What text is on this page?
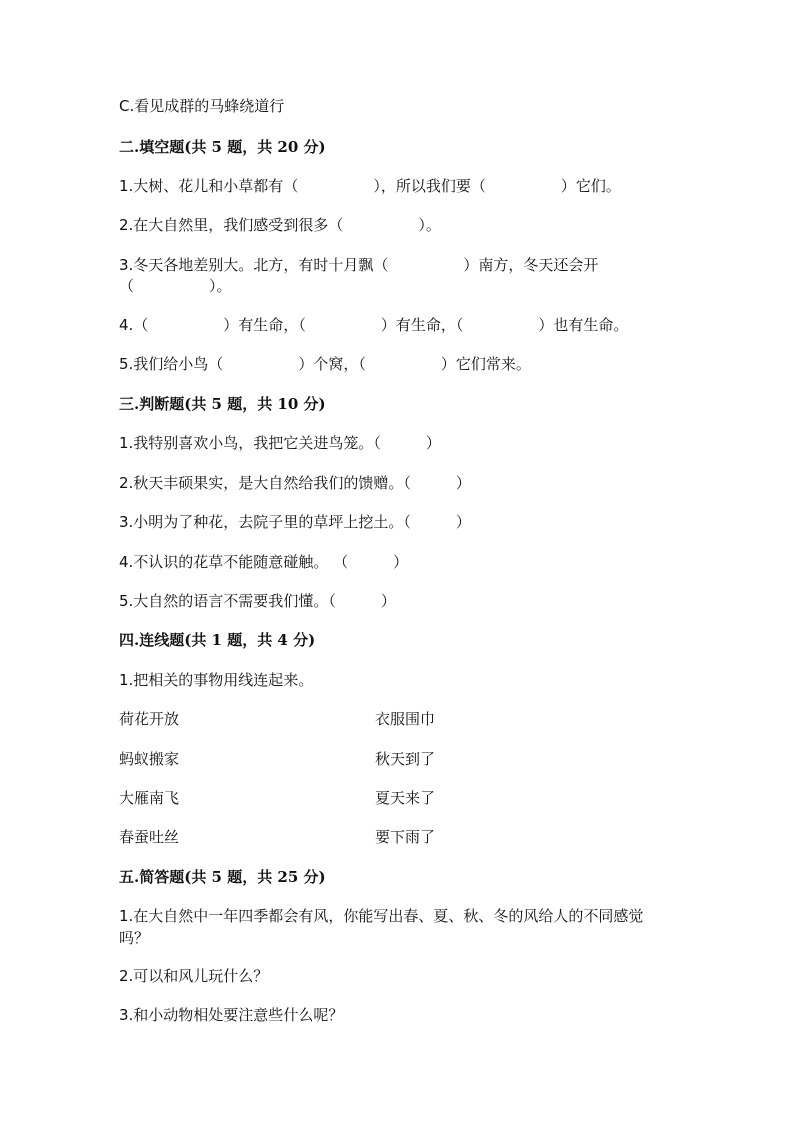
C.看见成群的马蜂绕道行
二.填空题(共 5 题，共 20 分)
1.大树、花儿和小草都有（　　　　　），所以我们要（　　　　　）它们。
2.在大自然里，我们感受到很多（　　　　　）。
3.冬天各地差别大。北方，有时十月飘（　　　　　）南方，冬天还会开
（　　　　　）。
4.（　　　　　）有生命，（　　　　　）有生命，（　　　　　）也有生命。
5.我们给小鸟（　　　　　）个窝，（　　　　　）它们常来。
三.判断题(共 5 题，共 10 分)
1.我特别喜欢小鸟，我把它关进鸟笼。（　　　）
2.秋天丰硕果实，是大自然给我们的馈赠。（　　　）
3.小明为了种花，去院子里的草坪上挖土。（　　　）
4.不认识的花草不能随意碰触。 （　　　）
5.大自然的语言不需要我们懂。（　　　）
四.连线题(共 1 题，共 4 分)
1.把相关的事物用线连起来。
荷花开放	衣服围巾
蚂蚁搬家	秋天到了
大雁南飞	夏天来了
春蚕吐丝	要下雨了
五.简答题(共 5 题，共 25 分)
1.在大自然中一年四季都会有风，你能写出春、夏、秋、冬的风给人的不同感觉吗？
2.可以和风儿玩什么？
3.和小动物相处要注意些什么呢？
